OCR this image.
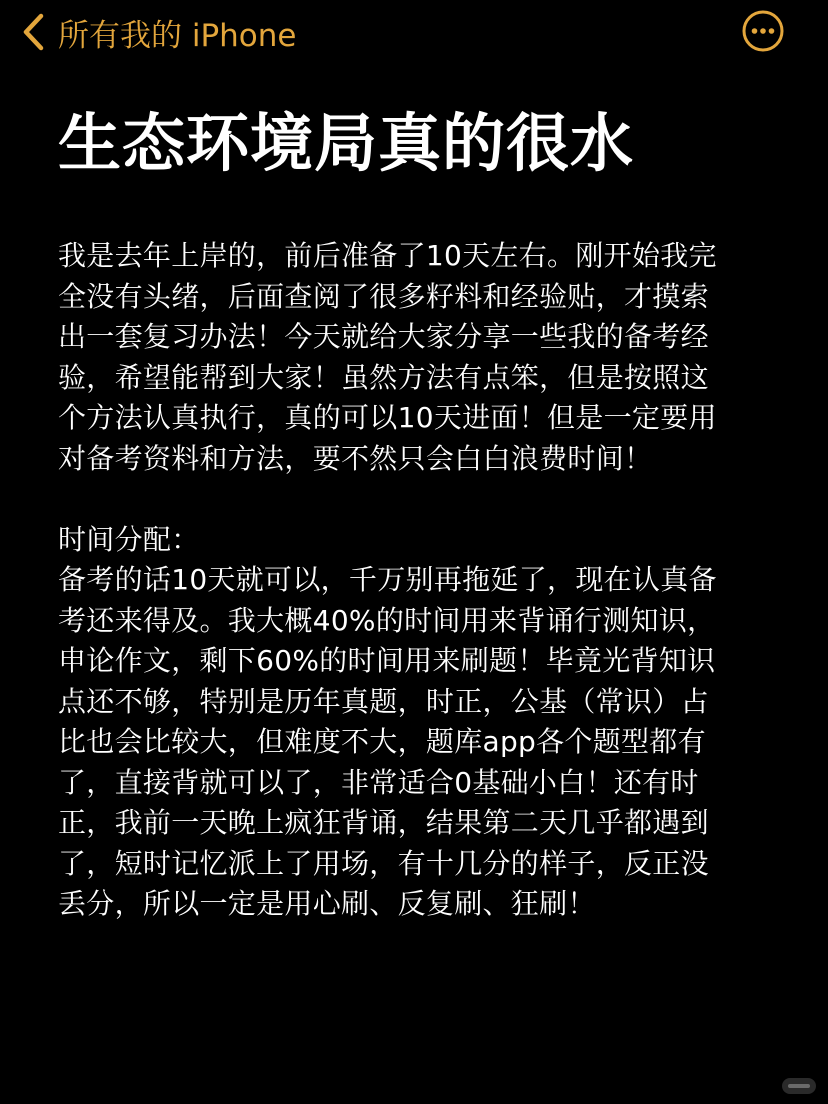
所有我的 iPhone
生态环境局真的很水

我是去年上岸的，前后准备了10天左右。刚开始我完
全没有头绪，后面查阅了很多籽料和经验贴，才摸索
出一套复习办法！今天就给大家分享一些我的备考经
验，希望能帮到大家！虽然方法有点笨，但是按照这
个方法认真执行，真的可以10天进面！但是一定要用
对备考资料和方法，要不然只会白白浪费时间！

时间分配：

备考的话10天就可以，千万别再拖延了，现在认真备
考还来得及。我大概40%的时间用来背诵行测知识，
申论作文，剩下60%的时间用来刷题！毕竟光背知识
点还不够，特别是历年真题，时正，公基（常识）占
比也会比较大，但难度不大，题库app各个题型都有
了，直接背就可以了，非常适合0基础小白！还有时
正，我前一天晚上疯狂背诵，结果第二天几乎都遇到
了，短时记忆派上了用场，有十几分的样子，反正没
丢分，所以一定是用心刷、反复刷、狂刷！
